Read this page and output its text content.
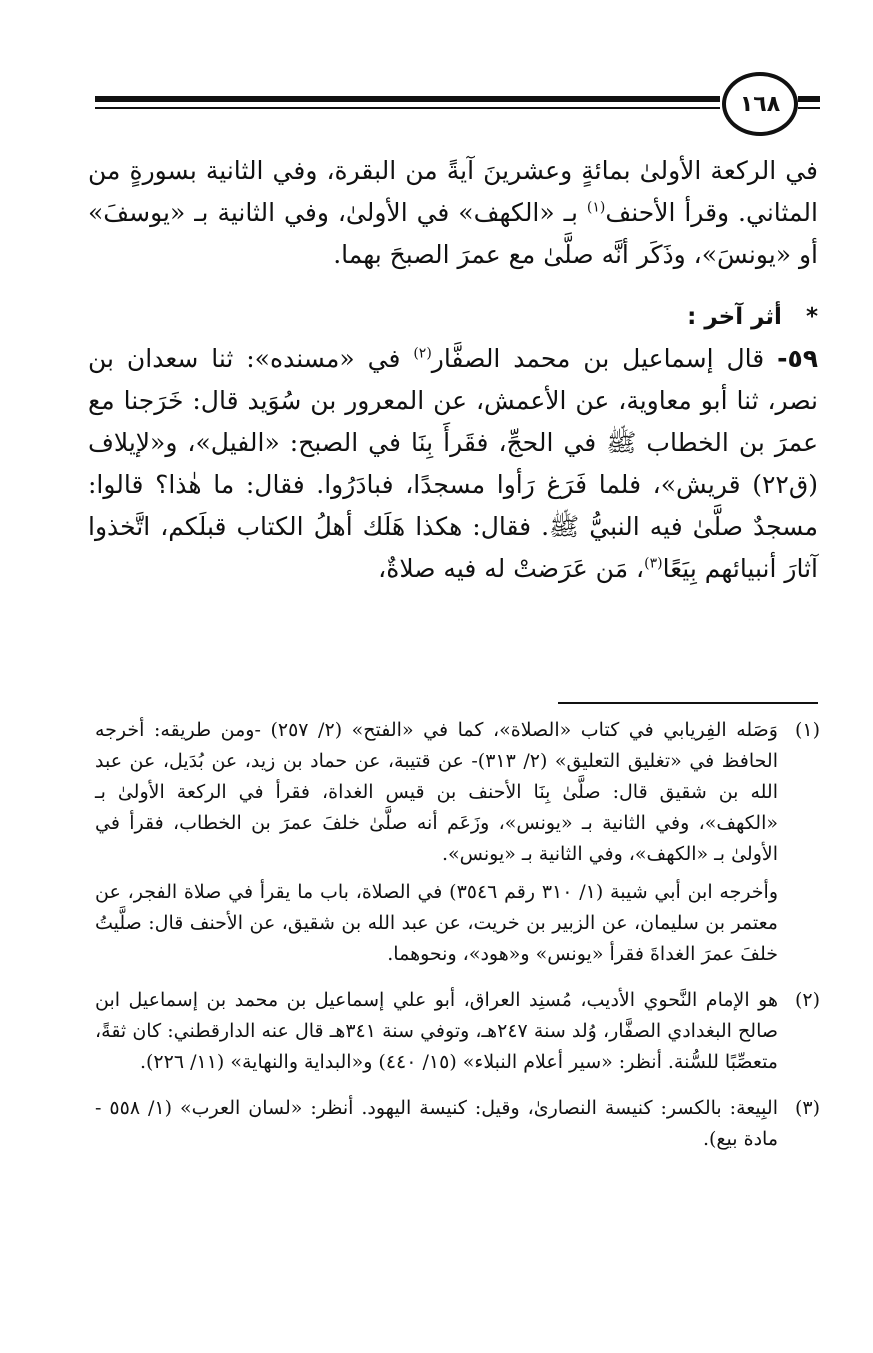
١٦٨

في الركعة الأولىٰ بمائةٍ وعشرينَ آيةً من البقرة، وفي الثانية بسورةٍ من المثاني. وقرأ الأحنف$^{(١)}$ بـ «الكهف» في الأولىٰ، وفي الثانية بـ «يوسفَ» أو «يونسَ»، وذَكَر أنَّه صلَّىٰ مع عمرَ الصبحَ بهما.

*   أثر آخر :

٥٩- قال إسماعيل بن محمد الصفَّار$^{(٢)}$ في «مسنده»: ثنا سعدان بن نصر، ثنا أبو معاوية، عن الأعمش، عن المعرور بن سُوَيد قال: خَرَجنا مع عمرَ بن الخطاب ﷺ في الحجِّ، فقَرأَ بِنَا في الصبح: «الفيل»، و«لإيلاف (ق٢٢) قريش»، فلما فَرَغ رَأوا مسجدًا، فبادَرُوا. فقال: ما هٰذا؟ قالوا: مسجدٌ صلَّىٰ فيه النبيُّ ﷺ. فقال: هكذا هَلَك أهلُ الكتاب قبلَكم، اتَّخذوا آثارَ أنبيائهم بِيَعًا$^{(٣)}$، مَن عَرَضتْ له فيه صلاةٌ،

(١)

وَصَله الفِريابي في كتاب «الصلاة»، كما في «الفتح» (٢/ ٢٥٧) -ومن طريقه: أخرجه الحافظ في «تغليق التعليق» (٢/ ٣١٣)- عن قتيبة، عن حماد بن زيد، عن بُدَيل، عن عبد الله بن شقيق قال: صلَّىٰ بِنَا الأحنف بن قيس الغداة، فقرأ في الركعة الأولىٰ بـ «الكهف»، وفي الثانية بـ «يونس»، وزَعَم أنه صلَّىٰ خلفَ عمرَ بن الخطاب، فقرأ في الأولىٰ بـ «الكهف»، وفي الثانية بـ «يونس».

وأخرجه ابن أبي شيبة (١/ ٣١٠ رقم ٣٥٤٦) في الصلاة، باب ما يقرأ في صلاة الفجر، عن معتمر بن سليمان، عن الزبير بن خريت، عن عبد الله بن شقيق، عن الأحنف قال: صلَّيتُ خلفَ عمرَ الغداةَ فقرأ «يونس» و«هود»، ونحوهما.

(٢)

هو الإمام النَّحوي الأديب، مُسنِد العراق، أبو علي إسماعيل بن محمد بن إسماعيل ابن صالح البغدادي الصفَّار، وُلد سنة ٢٤٧هـ، وتوفي سنة ٣٤١هـ قال عنه الدارقطني: كان ثقةً، متعصِّبًا للسُّنة. أنظر: «سير أعلام النبلاء» (١٥/ ٤٤٠) و«البداية والنهاية» (١١/ ٢٢٦).

(٣)

البِيعة: بالكسر: كنيسة النصارىٰ، وقيل: كنيسة اليهود. أنظر: «لسان العرب» (١/ ٥٥٨ - مادة بيع).
